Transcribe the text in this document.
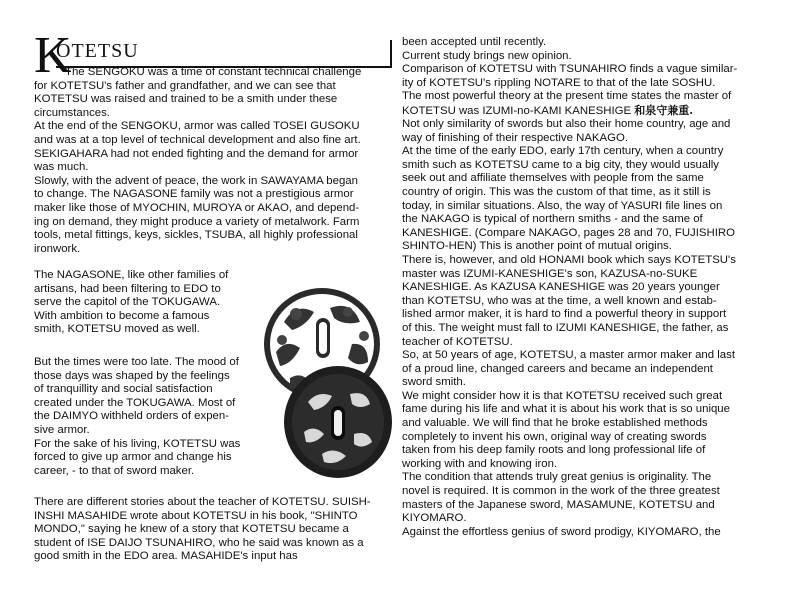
K
OTETSU
The SENGOKU was a time of constant technical challenge
for KOTETSU's father and grandfather, and we can see that
KOTETSU was raised and trained to be a smith under these
circumstances.
At the end of the SENGOKU, armor was called TOSEI GUSOKU
and was at a top level of technical development and also fine art.
SEKIGAHARA had not ended fighting and the demand for armor
was much.
Slowly, with the advent of peace, the work in SAWAYAMA began
to change. The NAGASONE family was not a prestigious armor
maker like those of MYOCHIN, MUROYA or AKAO, and depend-
ing on demand, they might produce a variety of metalwork. Farm
tools, metal fittings, keys, sickles, TSUBA, all highly professional
ironwork.
The NAGASONE, like other families of
artisans, had been filtering to EDO to
serve the capitol of the TOKUGAWA.
With ambition to become a famous
smith, KOTETSU moved as well.
But the times were too late. The mood of
those days was shaped by the feelings
of tranquillity and social satisfaction
created under the TOKUGAWA. Most of
the DAIMYO withheld orders of expen-
sive armor.
For the sake of his living, KOTETSU was
forced to give up armor and change his
career, - to that of sword maker.
There are different stories about the teacher of KOTETSU. SUISH-
INSHI MASAHIDE wrote about KOTETSU in his book, "SHINTO
MONDO," saying he knew of a story that KOTETSU became a
student of ISE DAIJO TSUNAHIRO, who he said was known as a
good smith in the EDO area. MASAHIDE's input has
been accepted until recently.
Current study brings new opinion.
Comparison of KOTETSU with TSUNAHIRO finds a vague similar-
ity of KOTETSU's rippling NOTARE to that of the late SOSHU.
The most powerful theory at the present time states the master of
KOTETSU was IZUMI-no-KAMI KANESHIGE 和泉守兼重.
Not only similarity of swords but also their home country, age and
way of finishing of their respective NAKAGO.
At the time of the early EDO, early 17th century, when a country
smith such as KOTETSU came to a big city, they would usually
seek out and affiliate themselves with people from the same
country of origin. This was the custom of that time, as it still is
today, in similar situations. Also, the way of YASURI file lines on
the NAKAGO is typical of northern smiths - and the same of
KANESHIGE. (Compare NAKAGO, pages 28 and 70, FUJISHIRO
SHINTO-HEN) This is another point of mutual origins.
There is, however, and old HONAMI book which says KOTETSU's
master was IZUMI-KANESHIGE's son, KAZUSA-no-SUKE
KANESHIGE. As KAZUSA KANESHIGE was 20 years younger
than KOTETSU, who was at the time, a well known and estab-
lished armor maker, it is hard to find a powerful theory in support
of this. The weight must fall to IZUMI KANESHIGE, the father, as
teacher of KOTETSU.
So, at 50 years of age, KOTETSU, a master armor maker and last
of a proud line, changed careers and became an independent
sword smith.
We might consider how it is that KOTETSU received such great
fame during his life and what it is about his work that is so unique
and valuable. We will find that he broke established methods
completely to invent his own, original way of creating swords
taken from his deep family roots and long professional life of
working with and knowing iron.
The condition that attends truly great genius is originality. The
novel is required. It is common in the work of the three greatest
masters of the Japanese sword, MASAMUNE, KOTETSU and
KIYOMARO.
Against the effortless genius of sword prodigy, KIYOMARO, the
